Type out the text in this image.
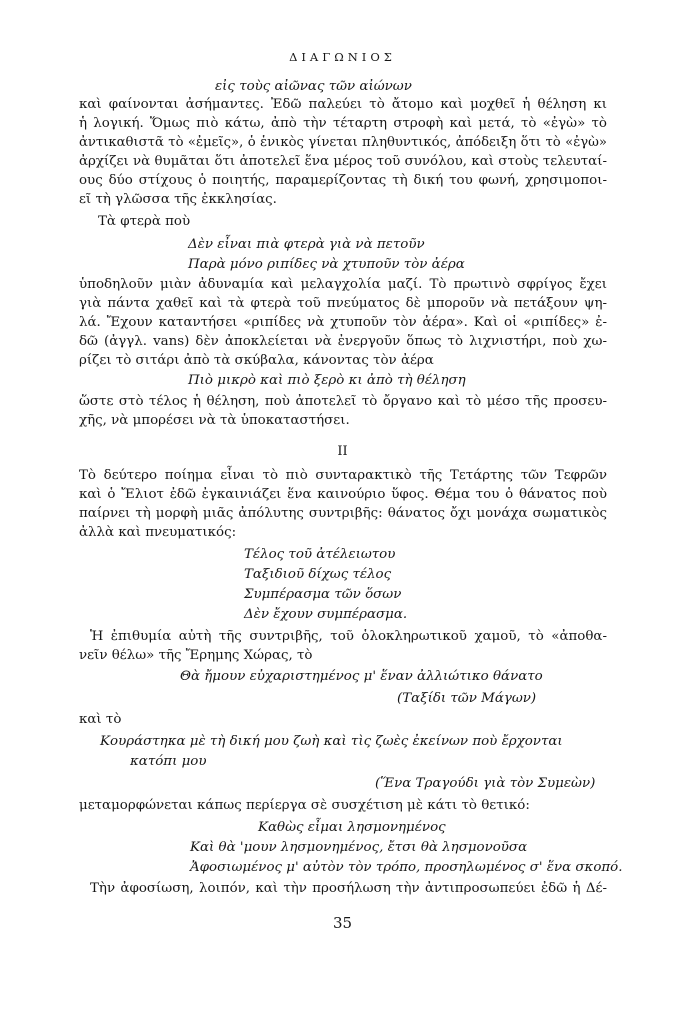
ΔΙΑΓΩΝΙΟΣ
εἰς τοὺς αἰῶνας τῶν αἰώνων
καὶ φαίνονται ἀσήμαντες. Ἐδῶ παλεύει τὸ ἄτομο καὶ μοχθεῖ ἡ θέληση κι
ἡ λογική. Ὅμως πιὸ κάτω, ἀπὸ τὴν τέταρτη στροφὴ καὶ μετά, τὸ «ἐγὼ» τὸ
ἀντικαθιστᾶ τὸ «ἐμεῖς», ὁ ἑνικὸς γίνεται πληθυντικός, ἀπόδειξη ὅτι τὸ «ἐγὼ»
ἀρχίζει νὰ θυμᾶται ὅτι ἀποτελεῖ ἕνα μέρος τοῦ συνόλου, καὶ στοὺς τελευταί-
ους δύο στίχους ὁ ποιητής, παραμερίζοντας τὴ δική του φωνή, χρησιμοποι-
εῖ τὴ γλῶσσα τῆς ἐκκλησίας.
Τὰ φτερὰ ποὺ
Δὲν εἶναι πιὰ φτερὰ γιὰ νὰ πετοῦν
Παρὰ μόνο ριπίδες νὰ χτυποῦν τὸν ἀέρα
ὑποδηλοῦν μιὰν ἀδυναμία καὶ μελαγχολία μαζί. Τὸ πρωτινὸ σφρίγος ἔχει
γιὰ πάντα χαθεῖ καὶ τὰ φτερὰ τοῦ πνεύματος δὲ μποροῦν νὰ πετάξουν ψη-
λά. Ἔχουν καταντήσει «ριπίδες νὰ χτυποῦν τὸν ἀέρα». Καὶ οἱ «ριπίδες» ἐ-
δῶ (ἀγγλ. vans) δὲν ἀποκλείεται νὰ ἐνεργοῦν ὅπως τὸ λιχνιστήρι, ποὺ χω-
ρίζει τὸ σιτάρι ἀπὸ τὰ σκύβαλα, κάνοντας τὸν ἀέρα
Πιὸ μικρὸ καὶ πιὸ ξερὸ κι ἀπὸ τὴ θέληση
ὥστε στὸ τέλος ἡ θέληση, ποὺ ἀποτελεῖ τὸ ὄργανο καὶ τὸ μέσο τῆς προσευ-
χῆς, νὰ μπορέσει νὰ τὰ ὑποκαταστήσει.
II
Τὸ δεύτερο ποίημα εἶναι τὸ πιὸ συνταρακτικὸ τῆς Τετάρτης τῶν Τεφρῶν
καὶ ὁ Ἔλιοτ ἐδῶ ἐγκαινιάζει ἕνα καινούριο ὕφος. Θέμα του ὁ θάνατος ποὺ
παίρνει τὴ μορφὴ μιᾶς ἀπόλυτης συντριβῆς: θάνατος ὄχι μονάχα σωματικὸς
ἀλλὰ καὶ πνευματικός:
Τέλος τοῦ ἀτέλειωτου
Ταξιδιοῦ δίχως τέλος
Συμπέρασμα τῶν ὅσων
Δὲν ἔχουν συμπέρασμα.
Ἡ ἐπιθυμία αὐτὴ τῆς συντριβῆς, τοῦ ὁλοκληρωτικοῦ χαμοῦ, τὸ «ἀποθα-
νεῖν θέλω» τῆς Ἔρημης Χώρας, τὸ
Θὰ ἤμουν εὐχαριστημένος μ' ἕναν ἀλλιώτικο θάνατο
(Ταξίδι τῶν Μάγων)
καὶ τὸ
Κουράστηκα μὲ τὴ δική μου ζωὴ καὶ τὶς ζωὲς ἐκείνων ποὺ ἔρχονται
κατόπι μου
(Ἕνα Τραγούδι γιὰ τὸν Συμεὼν)
μεταμορφώνεται κάπως περίεργα σὲ συσχέτιση μὲ κάτι τὸ θετικό:
Καθὼς εἶμαι λησμονημένος
Καὶ θὰ 'μουν λησμονημένος, ἔτσι θὰ λησμονοῦσα
Ἀφοσιωμένος μ' αὐτὸν τὸν τρόπο, προσηλωμένος σ' ἕνα σκοπό.
Τὴν ἀφοσίωση, λοιπόν, καὶ τὴν προσήλωση τὴν ἀντιπροσωπεύει ἐδῶ ἡ Δέ-
35
